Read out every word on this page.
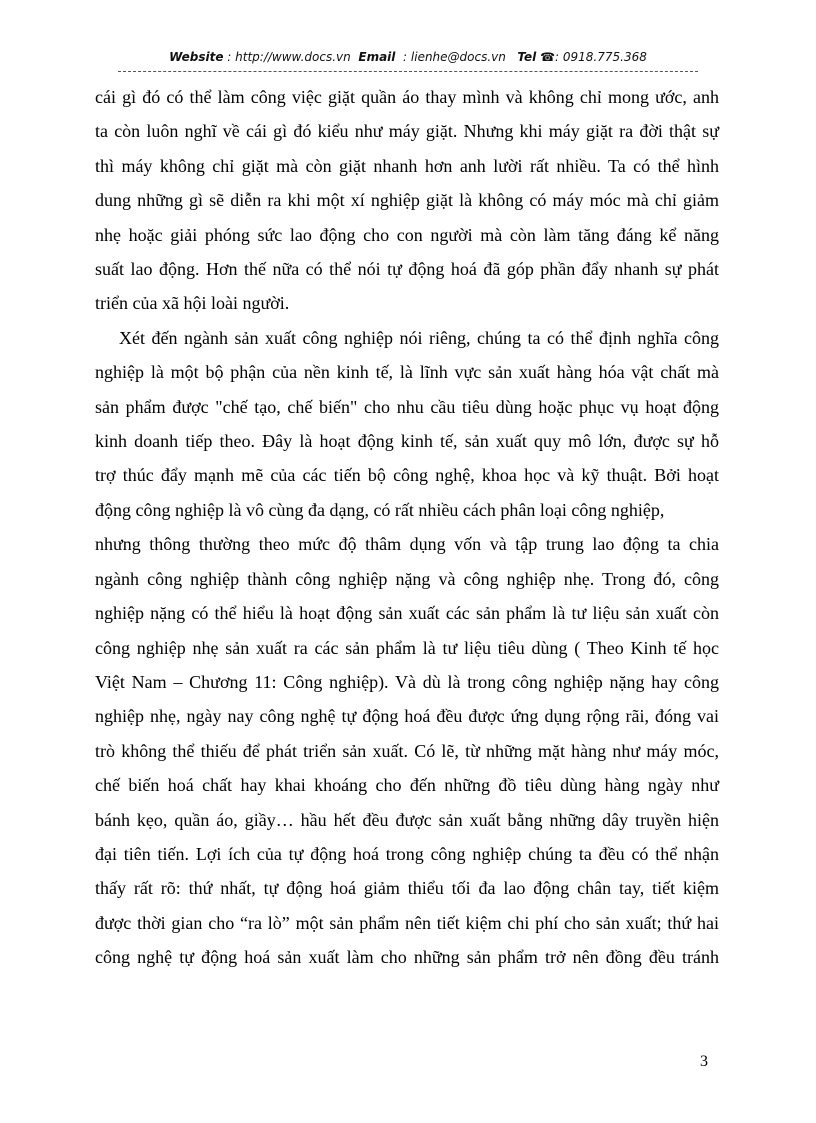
Website : http://www.docs.vn Email : lienhe@docs.vn Tel ☎: 0918.775.368
cái gì đó có thể làm công việc giặt quần áo thay mình và không chỉ mong ước, anh
ta còn luôn nghĩ về cái gì đó kiểu như máy giặt. Nhưng khi máy giặt ra đời thật sự
thì máy không chỉ giặt mà còn giặt nhanh hơn anh lười rất nhiều. Ta có thể hình
dung những gì sẽ diễn ra khi một xí nghiệp giặt là không có máy móc mà chỉ giảm
nhẹ hoặc giải phóng sức lao động cho con người mà còn làm tăng đáng kể năng
suất lao động. Hơn thế nữa có thể nói tự động hoá đã góp phần đẩy nhanh sự phát
triển của xã hội loài người.
Xét đến ngành sản xuất công nghiệp nói riêng, chúng ta có thể định nghĩa công
nghiệp là một bộ phận của nền kinh tế, là lĩnh vực sản xuất hàng hóa vật chất mà
sản phẩm được "chế tạo, chế biến" cho nhu cầu tiêu dùng hoặc phục vụ hoạt động
kinh doanh tiếp theo. Đây là hoạt động kinh tế, sản xuất quy mô lớn, được sự hỗ
trợ thúc đẩy mạnh mẽ của các tiến bộ công nghệ, khoa học và kỹ thuật. Bởi hoạt
động công nghiệp là vô cùng đa dạng, có rất nhiều cách phân loại công nghiệp,
nhưng thông thường theo mức độ thâm dụng vốn và tập trung lao động ta chia
ngành công nghiệp thành công nghiệp nặng và công nghiệp nhẹ. Trong đó, công
nghiệp nặng có thể hiểu là hoạt động sản xuất các sản phẩm là tư liệu sản xuất còn
công nghiệp nhẹ sản xuất ra các sản phẩm là tư liệu tiêu dùng ( Theo Kinh tế học
Việt Nam – Chương 11: Công nghiệp). Và dù là trong công nghiệp nặng hay công
nghiệp nhẹ, ngày nay công nghệ tự động hoá đều được ứng dụng rộng rãi, đóng vai
trò không thể thiếu để phát triển sản xuất. Có lẽ, từ những mặt hàng như máy móc,
chế biến hoá chất hay khai khoáng cho đến những đồ tiêu dùng hàng ngày như
bánh kẹo, quần áo, giầy… hầu hết đều được sản xuất bằng những dây truyền hiện
đại tiên tiến. Lợi ích của tự động hoá trong công nghiệp chúng ta đều có thể nhận
thấy rất rõ: thứ nhất, tự động hoá giảm thiểu tối đa lao động chân tay, tiết kiệm
được thời gian cho “ra lò” một sản phẩm nên tiết kiệm chi phí cho sản xuất; thứ hai
công nghệ tự động hoá sản xuất làm cho những sản phẩm trở nên đồng đều tránh
3
